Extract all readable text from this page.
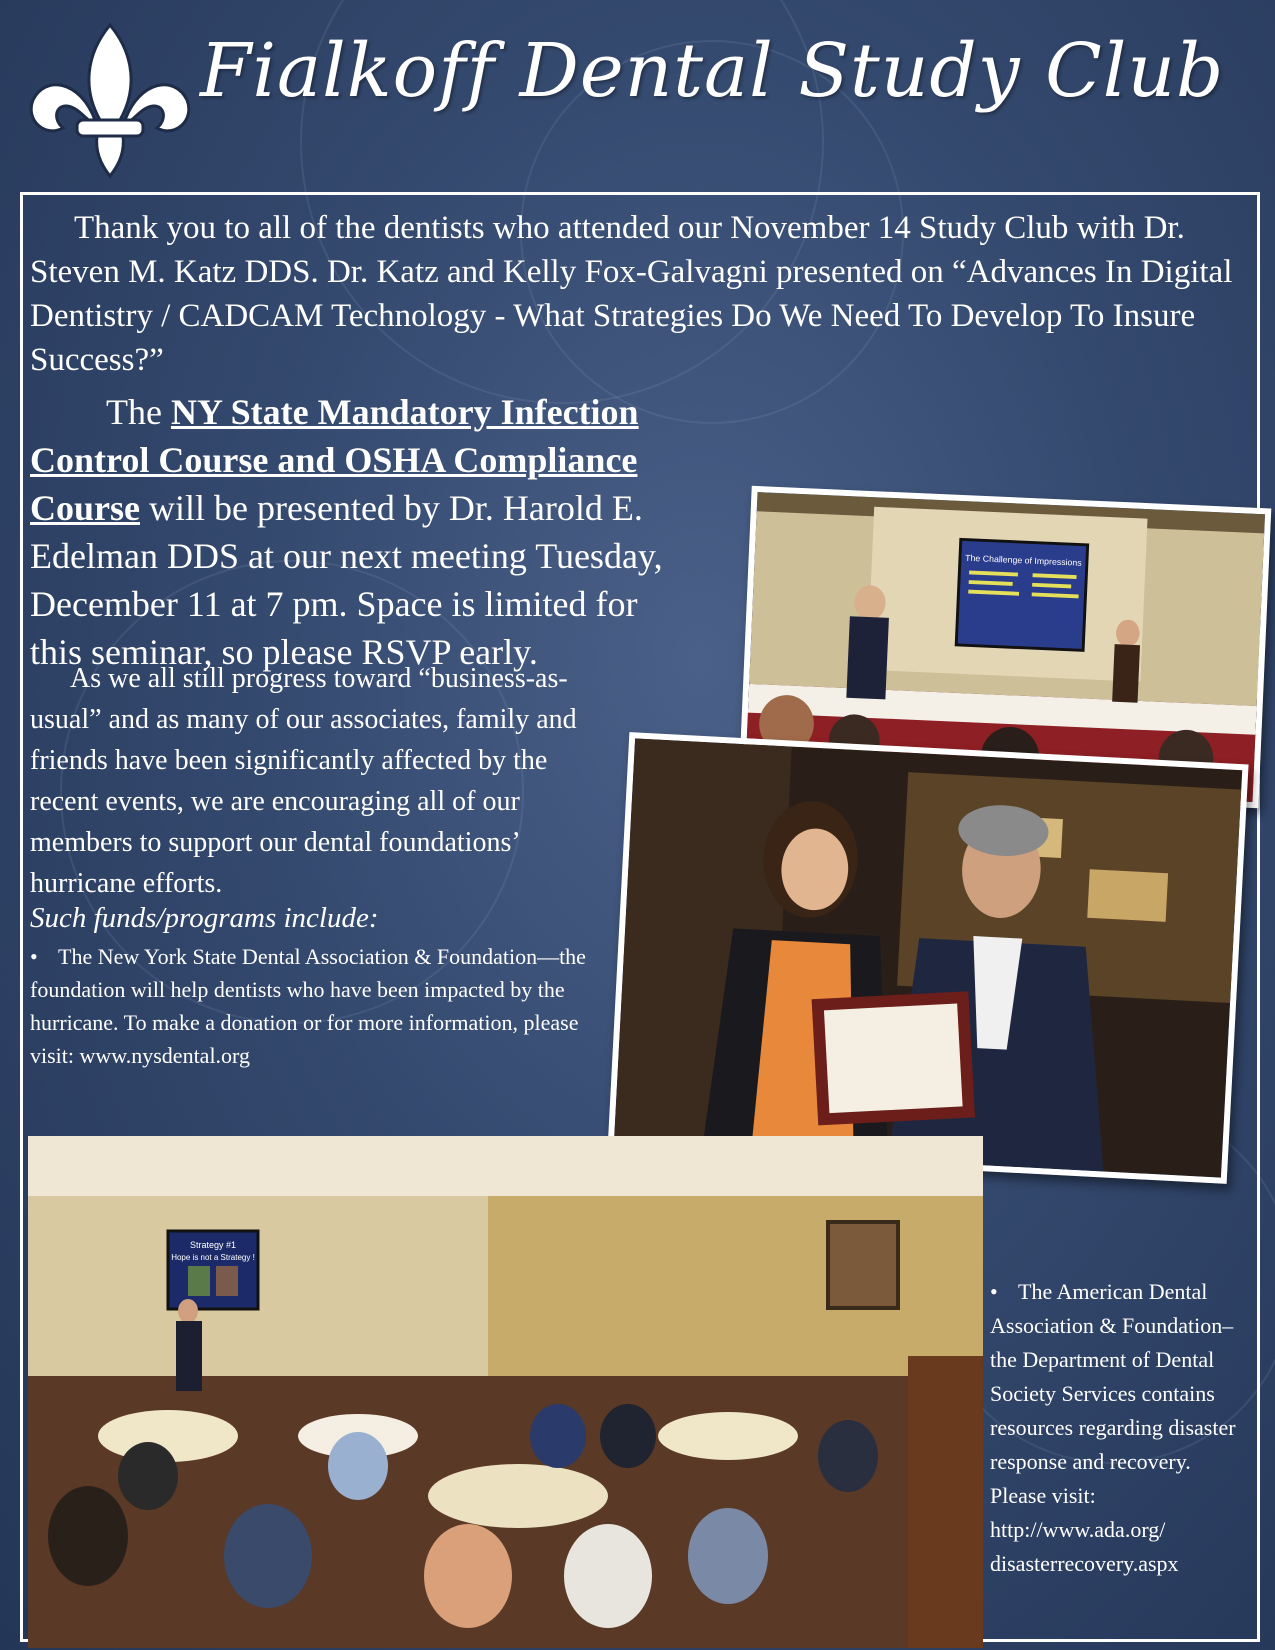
Fialkoff Dental Study Club
Thank you to all of the dentists who attended our November 14 Study Club with Dr. Steven M. Katz DDS. Dr. Katz and Kelly Fox-Galvagni presented on “Advances In Digital Dentistry / CADCAM Technology - What Strategies Do We Need To Develop To Insure Success?”
The NY State Mandatory Infection Control Course and OSHA Compliance Course will be presented by Dr. Harold E. Edelman DDS at our next meeting Tuesday, December 11 at 7 pm. Space is limited for this seminar, so please RSVP early.
As we all still progress toward “business-as-usual” and as many of our associates, family and friends have been significantly affected by the recent events, we are encouraging all of our members to support our dental foundations’ hurricane efforts.
Such funds/programs include:
• The New York State Dental Association & Foundation—the foundation will help dentists who have been impacted by the hurricane. To make a donation or for more information, please visit: www.nysdental.org
• The American Dental Association & Foundation– the Department of Dental Society Services contains resources regarding disaster response and recovery. Please visit: http://www.ada.org/ disasterrecovery.aspx
The Challenge of Impressions
Strategy #1
Hope is not a Strategy !
